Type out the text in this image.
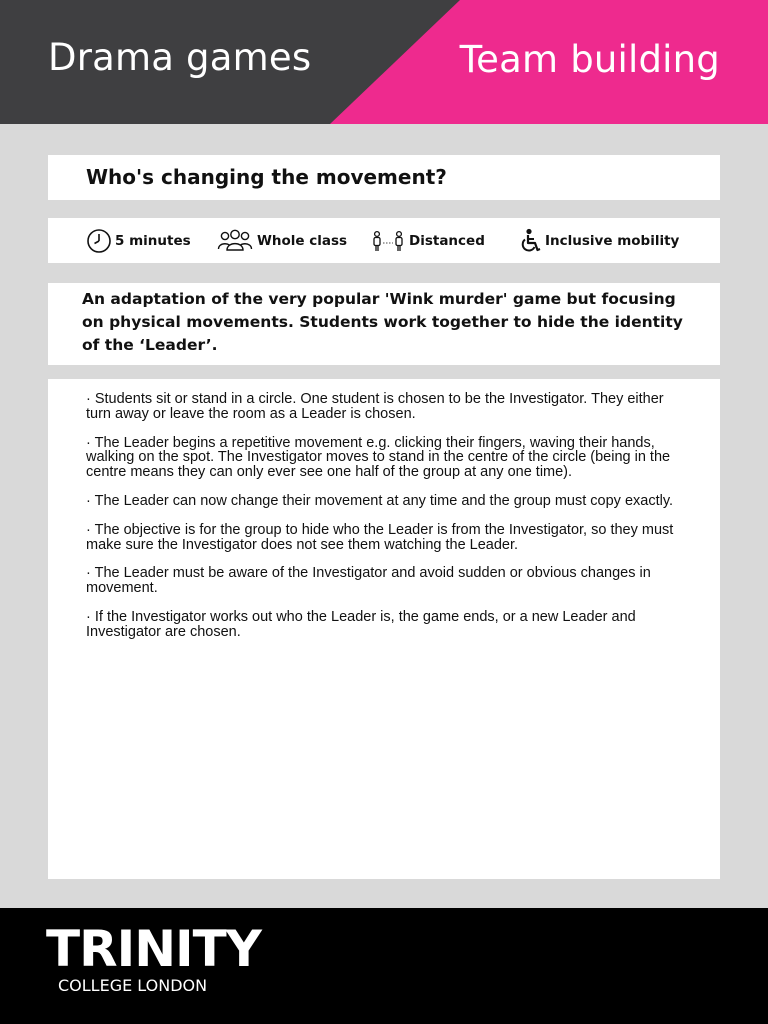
Drama games	Team building
Who's changing the movement?
5 minutes	Whole class	Distanced	Inclusive mobility
An adaptation of the very popular 'Wink murder' game but focusing on physical movements. Students work together to hide the identity of the ‘Leader’.
· Students sit or stand in a circle. One student is chosen to be the Investigator. They either turn away or leave the room as a Leader is chosen.
· The Leader begins a repetitive movement e.g. clicking their fingers, waving their hands, walking on the spot. The Investigator moves to stand in the centre of the circle (being in the centre means they can only ever see one half of the group at any one time).
· The Leader can now change their movement at any time and the group must copy exactly.
· The objective is for the group to hide who the Leader is from the Investigator, so they must make sure the Investigator does not see them watching the Leader.
· The Leader must be aware of the Investigator and avoid sudden or obvious changes in movement.
· If the Investigator works out who the Leader is, the game ends, or a new Leader and Investigator are chosen.
TRINITY
COLLEGE LONDON
